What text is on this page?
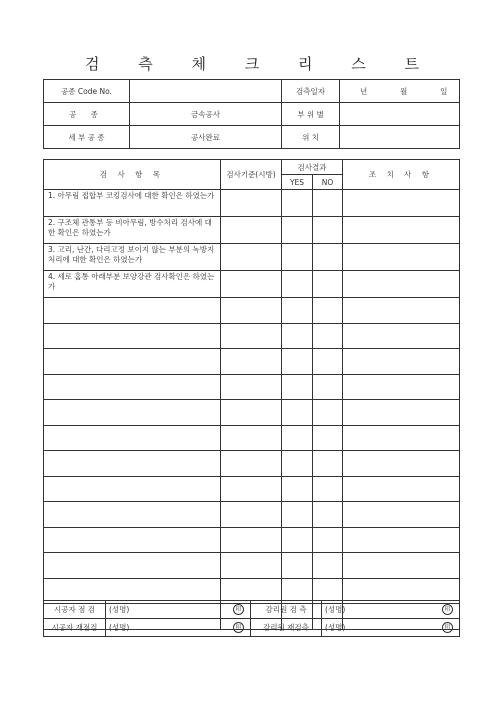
검 측 체 크 리 스 트
공종 Code No.		검측일자	년 월 일
공 종	금속공사	부 위 별	
세 부 공 종	공사완료	위 치	
검 사 항 목	검사기준(시방)	검사결과		조 치 사 항
		YES	NO	
1. 아무림 접합부 코킹검사에 대한 확인은 하였는가				
2. 구조체 관통부 등 비아무림, 방수처리 검사에 대한 확인은 하였는가				
3. 고리, 난간, 다리고정 보이지 않는 부분의 녹방지 처리에 대한 확인은 하였는가				
4. 세로 홈통 아래부분 보양강관 검사확인은 하였는가				

시공자 점 검	(성명) 印	감리원 검 측	(성명) 印

시공자 재점검	(성명) 印	감리원 재검측	(성명) 印
